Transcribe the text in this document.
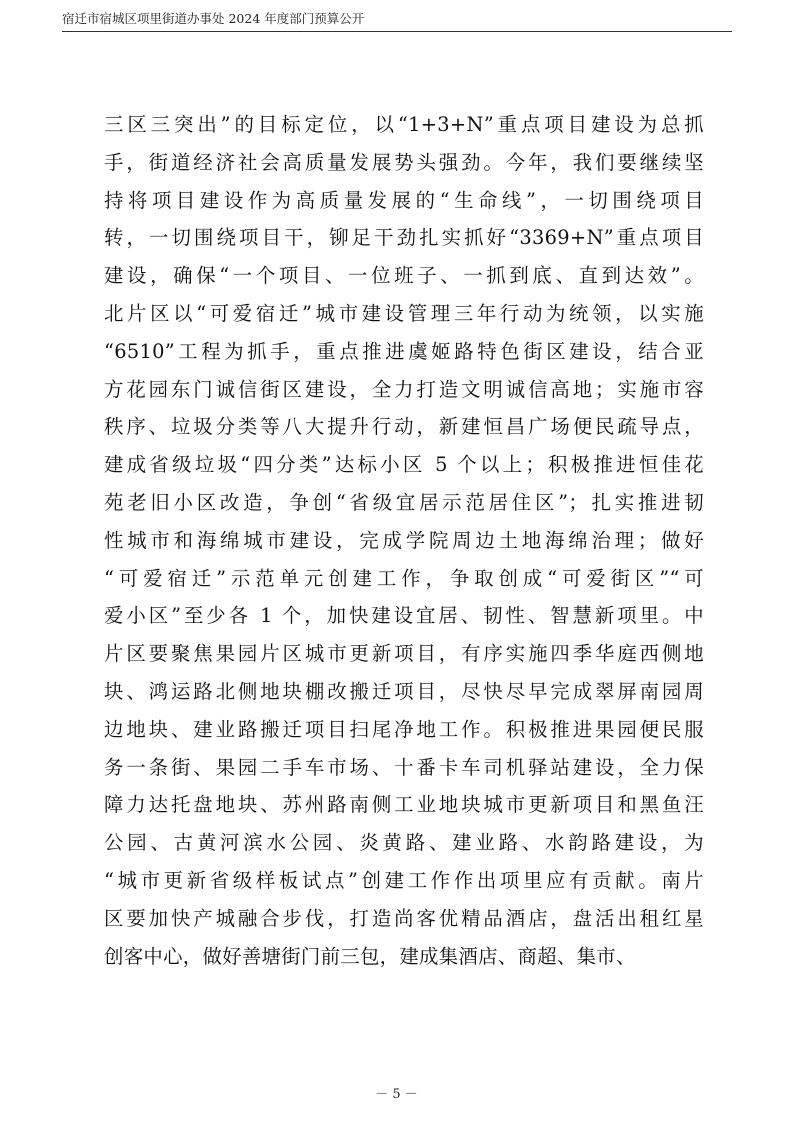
宿迁市宿城区项里街道办事处 2024 年度部门预算公开
三区三突出”的目标定位，以“1+3+N”重点项目建设为总抓
手，街道经济社会高质量发展势头强劲。今年，我们要继续坚
持将项目建设作为高质量发展的“生命线”，一切围绕项目
转，一切围绕项目干，铆足干劲扎实抓好“3369+N”重点项目
建设，确保“一个项目、一位班子、一抓到底、直到达效”。
北片区以“可爱宿迁”城市建设管理三年行动为统领，以实施
“6510”工程为抓手，重点推进虞姬路特色街区建设，结合亚
方花园东门诚信街区建设，全力打造文明诚信高地；实施市容
秩序、垃圾分类等八大提升行动，新建恒昌广场便民疏导点，
建成省级垃圾“四分类”达标小区 5 个以上；积极推进恒佳花
苑老旧小区改造，争创“省级宜居示范居住区”；扎实推进韧
性城市和海绵城市建设，完成学院周边土地海绵治理；做好
“可爱宿迁”示范单元创建工作，争取创成“可爱街区”“可
爱小区”至少各 1 个，加快建设宜居、韧性、智慧新项里。中
片区要聚焦果园片区城市更新项目，有序实施四季华庭西侧地
块、鸿运路北侧地块棚改搬迁项目，尽快尽早完成翠屏南园周
边地块、建业路搬迁项目扫尾净地工作。积极推进果园便民服
务一条街、果园二手车市场、十番卡车司机驿站建设，全力保
障力达托盘地块、苏州路南侧工业地块城市更新项目和黑鱼汪
公园、古黄河滨水公园、炎黄路、建业路、水韵路建设，为
“城市更新省级样板试点”创建工作作出项里应有贡献。南片
区要加快产城融合步伐，打造尚客优精品酒店，盘活出租红星
创客中心，做好善塘街门前三包，建成集酒店、商超、集市、
－ 5 －
